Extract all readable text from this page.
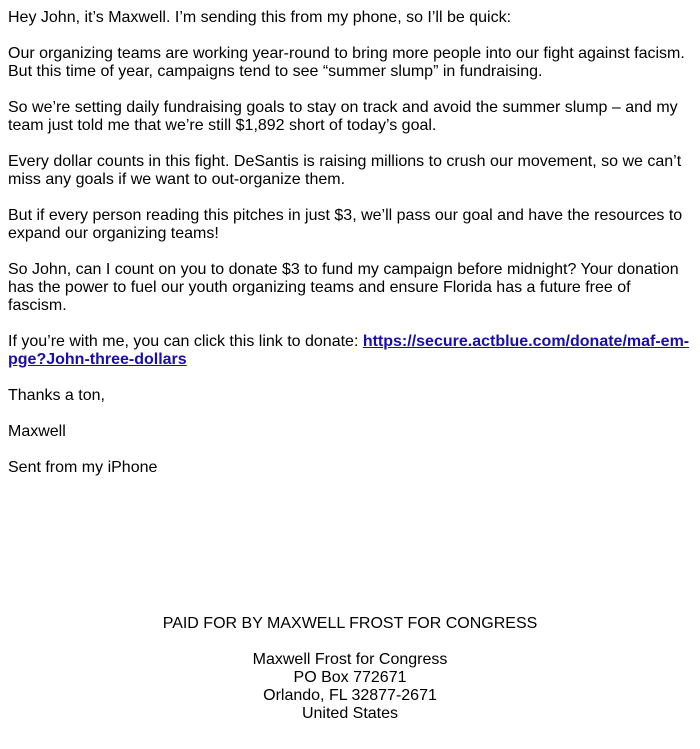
Hey John, it’s Maxwell. I’m sending this from my phone, so I’ll be quick:

Our organizing teams are working year-round to bring more people into our fight against facism. But this time of year, campaigns tend to see “summer slump” in fundraising.

So we’re setting daily fundraising goals to stay on track and avoid the summer slump – and my team just told me that we’re still $1,892 short of today’s goal.

Every dollar counts in this fight. DeSantis is raising millions to crush our movement, so we can’t miss any goals if we want to out-organize them.

But if every person reading this pitches in just $3, we’ll pass our goal and have the resources to expand our organizing teams!

So John, can I count on you to donate $3 to fund my campaign before midnight? Your donation has the power to fuel our youth organizing teams and ensure Florida has a future free of fascism.

If you’re with me, you can click this link to donate: https://secure.actblue.com/donate/maf-em-pge?John-three-dollars

Thanks a ton,

Maxwell

Sent from my iPhone

PAID FOR BY MAXWELL FROST FOR CONGRESS

Maxwell Frost for Congress
PO Box 772671
Orlando, FL 32877-2671
United States
